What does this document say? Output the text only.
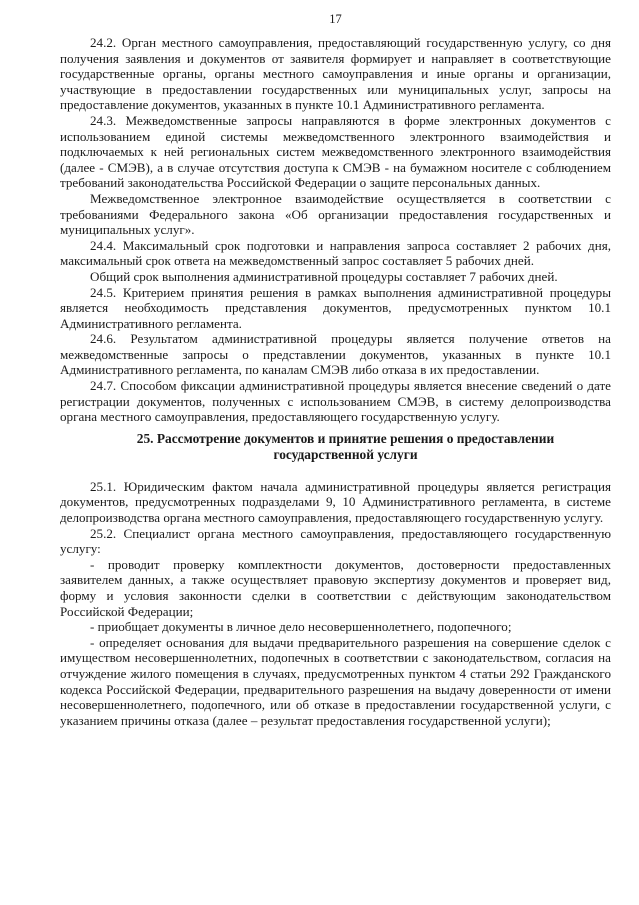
17

24.2. Орган местного самоуправления, предоставляющий государственную услугу, со дня получения заявления и документов от заявителя формирует и направляет в соответствующие государственные органы, органы местного самоуправления и иные органы и организации, участвующие в предоставлении государственных или муниципальных услуг, запросы на предоставление документов, указанных в пункте 10.1 Административного регламента.

24.3. Межведомственные запросы направляются в форме электронных документов с использованием единой системы межведомственного электронного взаимодействия и подключаемых к ней региональных систем межведомственного электронного взаимодействия (далее - СМЭВ), а в случае отсутствия доступа к СМЭВ - на бумажном носителе с соблюдением требований законодательства Российской Федерации о защите персональных данных.

Межведомственное электронное взаимодействие осуществляется в соответствии с требованиями Федерального закона «Об организации предоставления государственных и муниципальных услуг».

24.4. Максимальный срок подготовки и направления запроса составляет 2 рабочих дня, максимальный срок ответа на межведомственный запрос составляет 5 рабочих дней.

Общий срок выполнения административной процедуры составляет 7 рабочих дней.

24.5. Критерием принятия решения в рамках выполнения административной процедуры является необходимость представления документов, предусмотренных пунктом 10.1 Административного регламента.

24.6. Результатом административной процедуры является получение ответов на межведомственные запросы о представлении документов, указанных в пункте 10.1 Административного регламента, по каналам СМЭВ либо отказа в их предоставлении.

24.7. Способом фиксации административной процедуры является внесение сведений о дате регистрации документов, полученных с использованием СМЭВ, в систему делопроизводства органа местного самоуправления, предоставляющего государственную услугу.

25. Рассмотрение документов и принятие решения о предоставлении государственной услуги

25.1. Юридическим фактом начала административной процедуры является регистрация документов, предусмотренных подразделами 9, 10 Административного регламента, в системе делопроизводства органа местного самоуправления, предоставляющего государственную услугу.

25.2. Специалист органа местного самоуправления, предоставляющего государственную услугу:

- проводит проверку комплектности документов, достоверности предоставленных заявителем данных, а также осуществляет правовую экспертизу документов и проверяет вид, форму и условия законности сделки в соответствии с действующим законодательством Российской Федерации;

- приобщает документы в личное дело несовершеннолетнего, подопечного;

- определяет основания для выдачи предварительного разрешения на совершение сделок с имуществом несовершеннолетних, подопечных в соответствии с законодательством, согласия на отчуждение жилого помещения в случаях, предусмотренных пунктом 4 статьи 292 Гражданского кодекса Российской Федерации, предварительного разрешения на выдачу доверенности от имени несовершеннолетнего, подопечного, или об отказе в предоставлении государственной услуги, с указанием причины отказа (далее – результат предоставления государственной услуги);
